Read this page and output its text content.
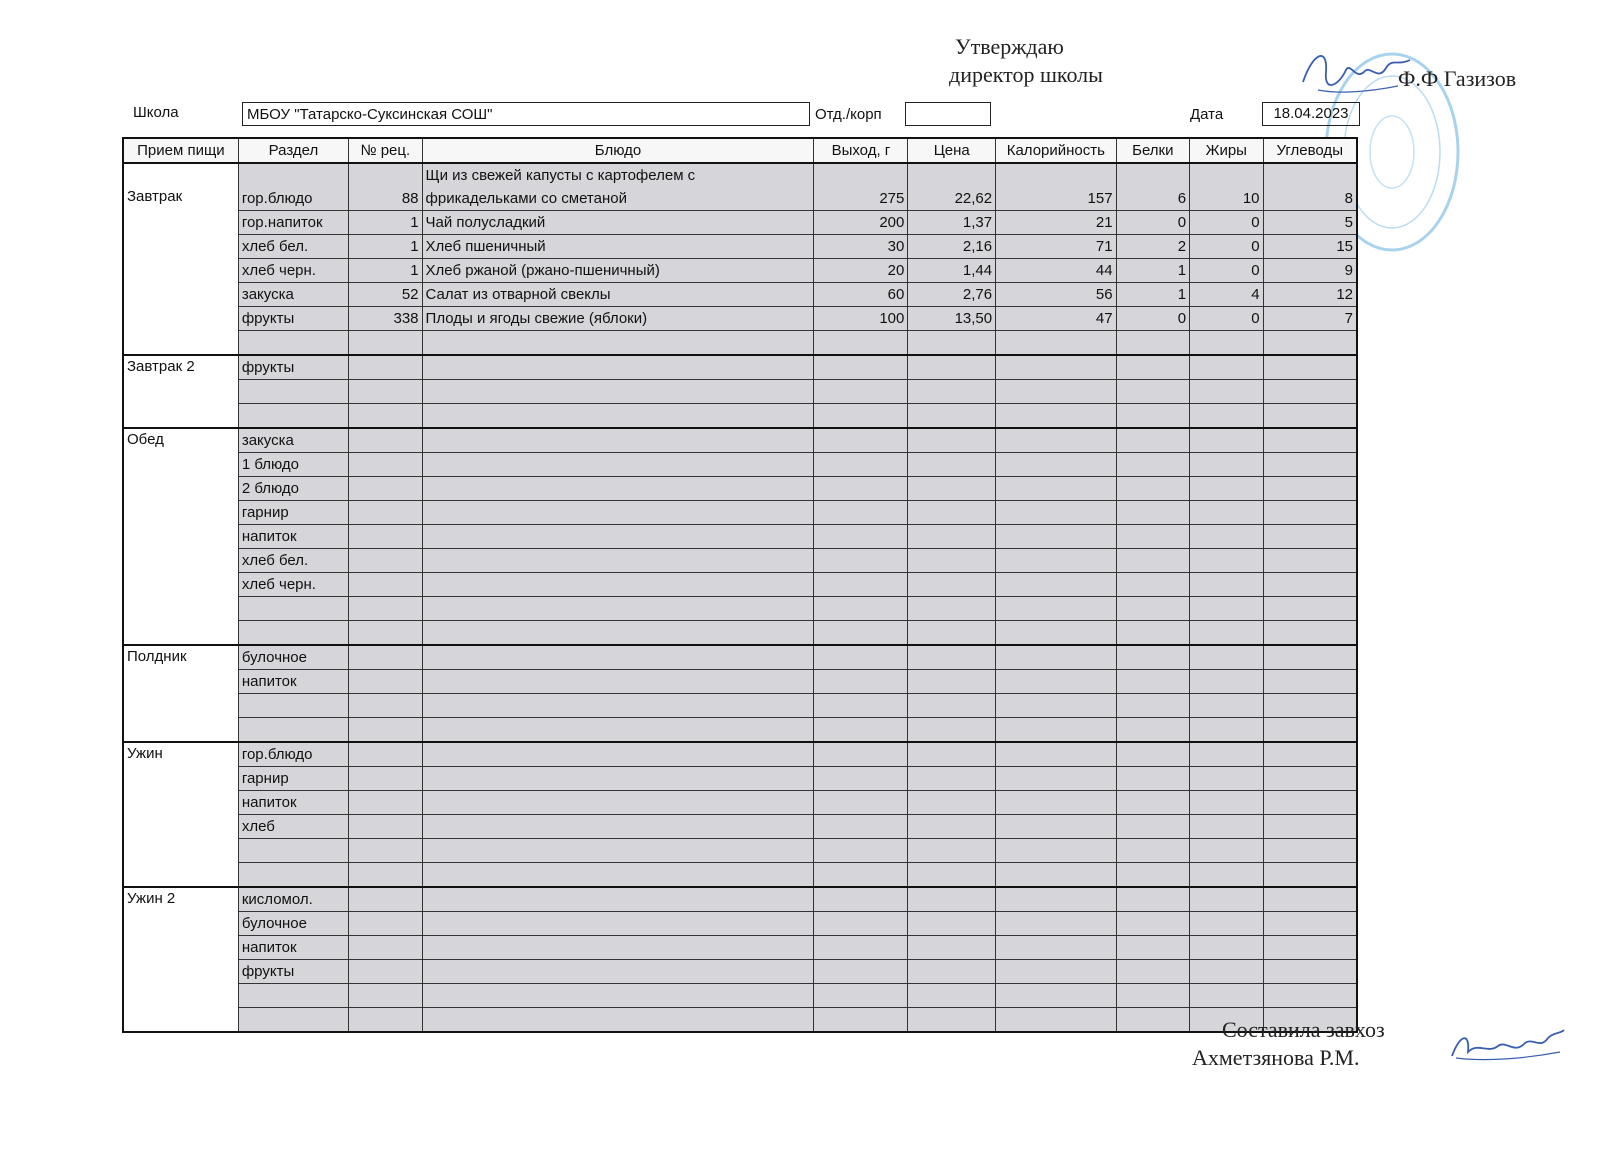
Утверждаю
директор школы	Ф.Ф Газизов
Школа	МБОУ "Татарско-Суксинская СОШ"	Отд./корп	Дата	18.04.2023
Прием пищи	Раздел	№ рец.	Блюдо	Выход, г	Цена	Калорийность	Белки	Жиры	Углеводы
Завтрак	гор.блюдо	88	Щи из свежей капусты с картофелем с фрикадельками со сметаной	275	22,62	157	6	10	8
	гор.напиток	1	Чай полусладкий	200	1,37	21	0	0	5
	хлеб бел.	1	Хлеб пшеничный	30	2,16	71	2	0	15
	хлеб черн.	1	Хлеб ржаной (ржано-пшеничный)	20	1,44	44	1	0	9
	закуска	52	Салат из отварной свеклы	60	2,76	56	1	4	12
	фрукты	338	Плоды и ягоды свежие (яблоки)	100	13,50	47	0	0	7

Завтрак 2	фрукты								

Обед	закуска								
	1 блюдо								
	2 блюдо								
	гарнир								
	напиток								
	хлеб бел.								
	хлеб черн.								

Полдник	булочное								
	напиток								

Ужин	гор.блюдо								
	гарнир								
	напиток								
	хлеб								

Ужин 2	кисломол.								
	булочное								
	напиток								
	фрукты								

Составила завхоз
Ахметзянова Р.М.
